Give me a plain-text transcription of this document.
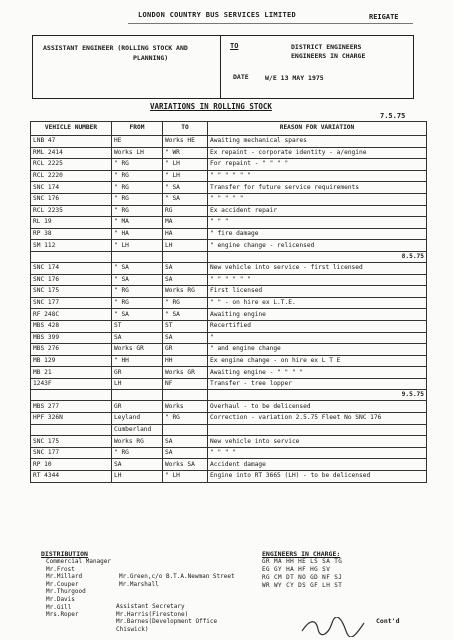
LONDON COUNTRY BUS SERVICES LIMITED	REIGATE
ASSISTANT ENGINEER (ROLLING STOCK AND
PLANNING)
TO	DISTRICT ENGINEERS
ENGINEERS IN CHARGE
DATE	W/E 13 MAY 1975
VARIATIONS IN ROLLING STOCK
7.5.75
VEHICLE NUMBER	FROM	TO	REASON FOR VARIATION
LNB 47	HE	Works HE	Awaiting mechanical spares
RML 2414	Works LH	" WR	Ex repaint - corporate identity - a/engine
RCL 2225	" RG	" LH	For repaint - " " " "
RCL 2220	" RG	" LH	" " " " " "
SNC 174	" RG	" SA	Transfer for future service requirements
SNC 176	" RG	" SA	" " " " "
RCL 2235	" RG	RG	Ex accident repair
RL 19	" MA	MA	" " "
RP 38	" HA	HA	" fire damage
SM 112	" LH	LH	" engine change - relicensed
			8.5.75
SNC 174	" SA	SA	New vehicle into service - first licensed
SNC 176	" SA	SA	" " " " " "
SNC 175	" RG	Works RG	First licensed
SNC 177	" RG	" RG	" " - on hire ex L.T.E.
RF 248C	" SA	" SA	Awaiting engine
MBS 428	ST	ST	Recertified
MBS 399	SA	SA	"
MBS 276	Works GR	GR	" and engine change
MB 129	" HH	HH	Ex engine change - on hire ex L T E
MB 21	GR	Works GR	Awaiting engine - " " " "
1243F	LH	NF	Transfer - tree lopper
			9.5.75
MBS 277	GR	Works	Overhaul - to be delicensed
HPF 326N	Leyland	" RG	Correction - variation 2.5.75 Fleet No SNC 176
	Cumberland		
SNC 175	Works RG	SA	New vehicle into service
SNC 177	" RG	SA	" " " "
RP 10	SA	Works SA	Accident damage
RT 4344	LH	" LH	Engine into RT 3665 (LH) - to be delicensed
DISTRIBUTION
Commercial Manager
Mr.Frost
Mr.Millard
Mr.Couper
Mr.Thurgood
Mr.Davis
Mr.Gill
Mrs.Roper
Mr.Green,c/o B.T.A.Newman Street
Mr.Marshall
Assistant Secretary
Mr.Harris(Firestone)
Mr.Barnes(Development Office
Chiswick)
ENGINEERS IN CHARGE:
GR MA HH HE LS SA TG
EG GY HA HF HG SV
RG CM DT NO GD NF SJ
WR WY CY DS GF LH ST
Cont'd
